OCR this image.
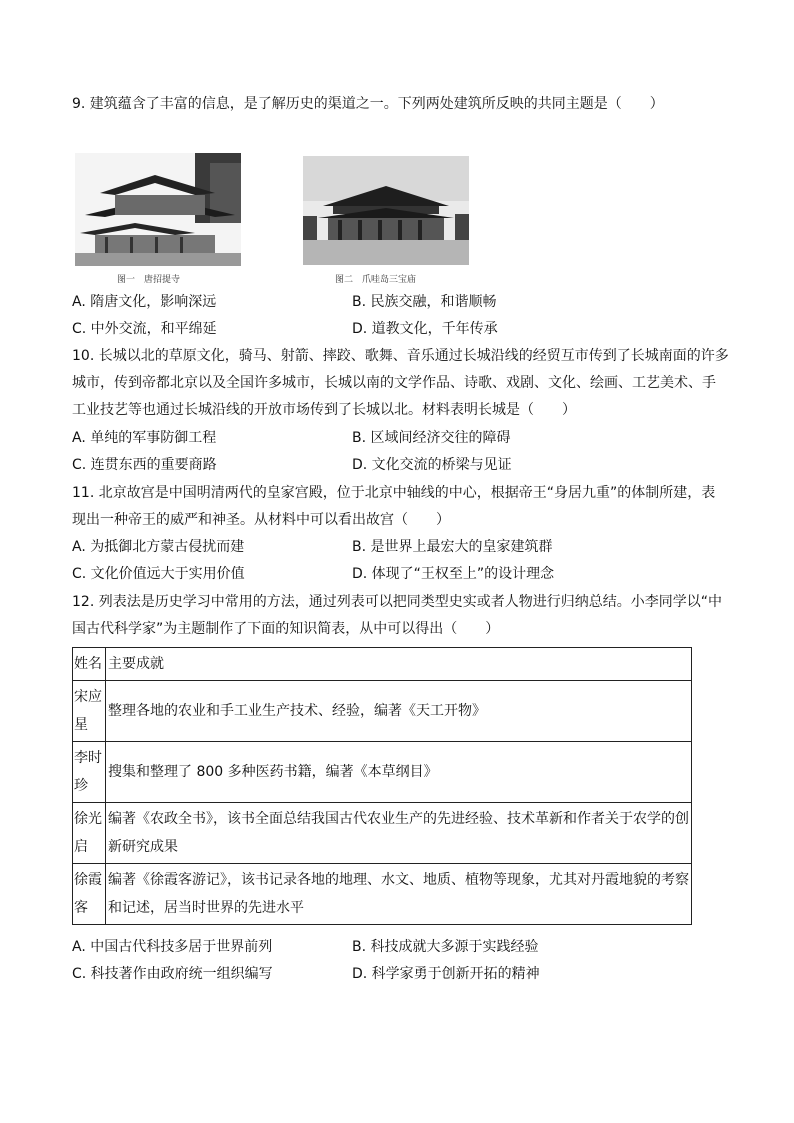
9. 建筑蕴含了丰富的信息，是了解历史的渠道之一。下列两处建筑所反映的共同主题是（　　）
图一　唐招提寺	图二　爪哇岛三宝庙
A. 隋唐文化，影响深远	B. 民族交融，和谐顺畅
C. 中外交流，和平绵延	D. 道教文化，千年传承
10. 长城以北的草原文化，骑马、射箭、摔跤、歌舞、音乐通过长城沿线的经贸互市传到了长城南面的许多
城市，传到帝都北京以及全国许多城市，长城以南的文学作品、诗歌、戏剧、文化、绘画、工艺美术、手
工业技艺等也通过长城沿线的开放市场传到了长城以北。材料表明长城是（　　）
A. 单纯的军事防御工程	B. 区域间经济交往的障碍
C. 连贯东西的重要商路	D. 文化交流的桥梁与见证
11. 北京故宫是中国明清两代的皇家宫殿，位于北京中轴线的中心，根据帝王“身居九重”的体制所建，表
现出一种帝王的威严和神圣。从材料中可以看出故宫（　　）
A. 为抵御北方蒙古侵扰而建	B. 是世界上最宏大的皇家建筑群
C. 文化价值远大于实用价值	D. 体现了“王权至上”的设计理念
12. 列表法是历史学习中常用的方法，通过列表可以把同类型史实或者人物进行归纳总结。小李同学以“中
国古代科学家”为主题制作了下面的知识简表，从中可以得出（　　）
姓名	主要成就
宋应星	整理各地的农业和手工业生产技术、经验，编著《天工开物》
李时珍	搜集和整理了 800 多种医药书籍，编著《本草纲目》
徐光启	编著《农政全书》，该书全面总结我国古代农业生产的先进经验、技术革新和作者关于农学的创新研究成果
徐霞客	编著《徐霞客游记》，该书记录各地的地理、水文、地质、植物等现象，尤其对丹霞地貌的考察和记述，居当时世界的先进水平
A. 中国古代科技多居于世界前列	B. 科技成就大多源于实践经验
C. 科技著作由政府统一组织编写	D. 科学家勇于创新开拓的精神
